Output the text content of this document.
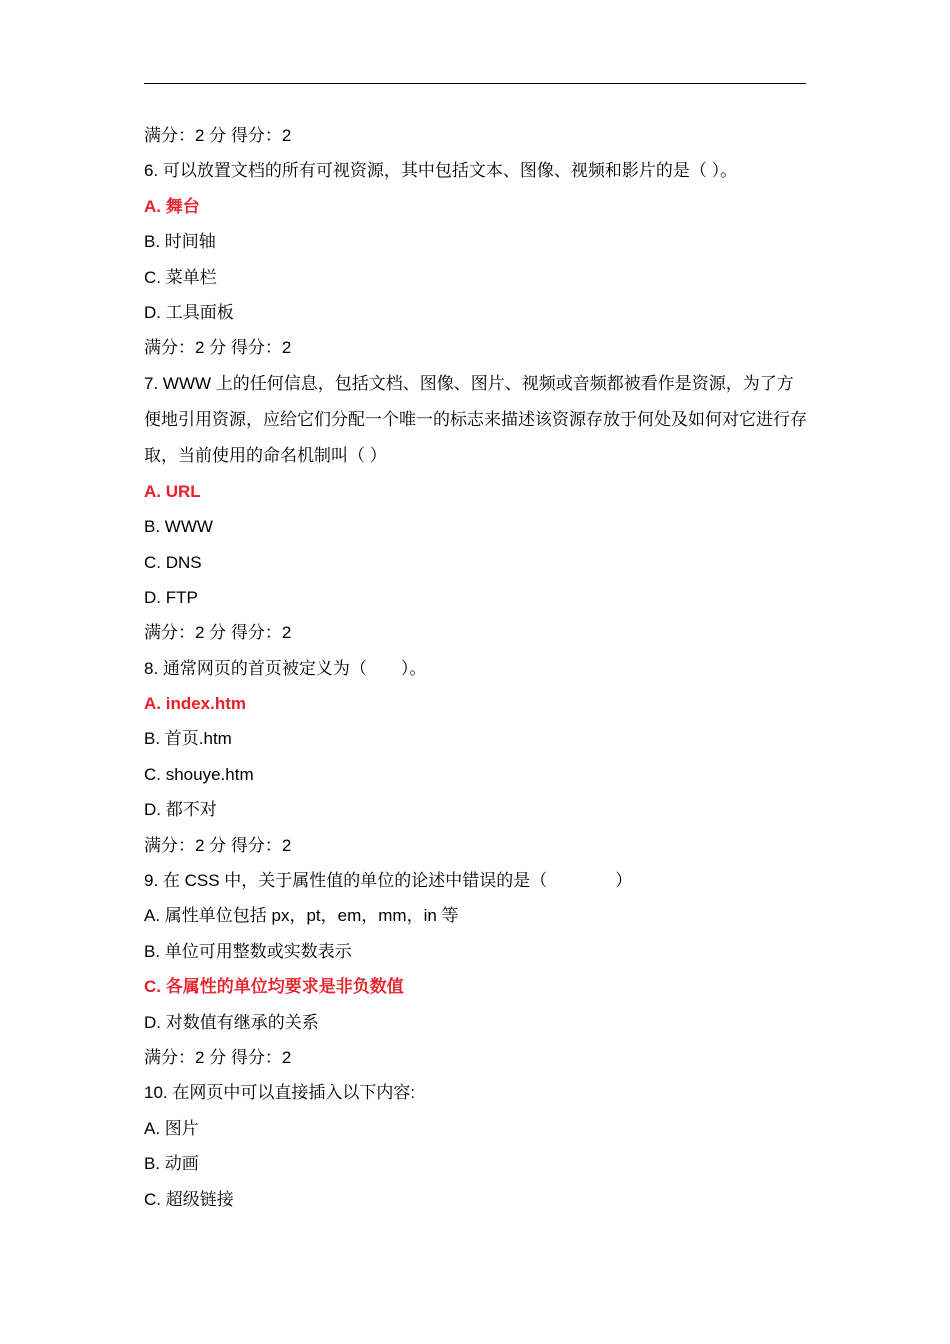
满分：2 分 得分：2
6. 可以放置文档的所有可视资源，其中包括文本、图像、视频和影片的是（ ）。
A. 舞台
B. 时间轴
C. 菜单栏
D. 工具面板
满分：2 分 得分：2
7. WWW 上的任何信息，包括文档、图像、图片、视频或音频都被看作是资源，为了方便地引用资源，应给它们分配一个唯一的标志来描述该资源存放于何处及如何对它进行存取，当前使用的命名机制叫（ ）
A. URL
B. WWW
C. DNS
D. FTP
满分：2 分 得分：2
8. 通常网页的首页被定义为（　　）。
A. index.htm
B. 首页.htm
C. shouye.htm
D. 都不对
满分：2 分 得分：2
9. 在 CSS 中，关于属性值的单位的论述中错误的是（　　　　）
A. 属性单位包括 px，pt，em，mm，in 等
B. 单位可用整数或实数表示
C. 各属性的单位均要求是非负数值
D. 对数值有继承的关系
满分：2 分 得分：2
10. 在网页中可以直接插入以下内容:
A. 图片
B. 动画
C. 超级链接
